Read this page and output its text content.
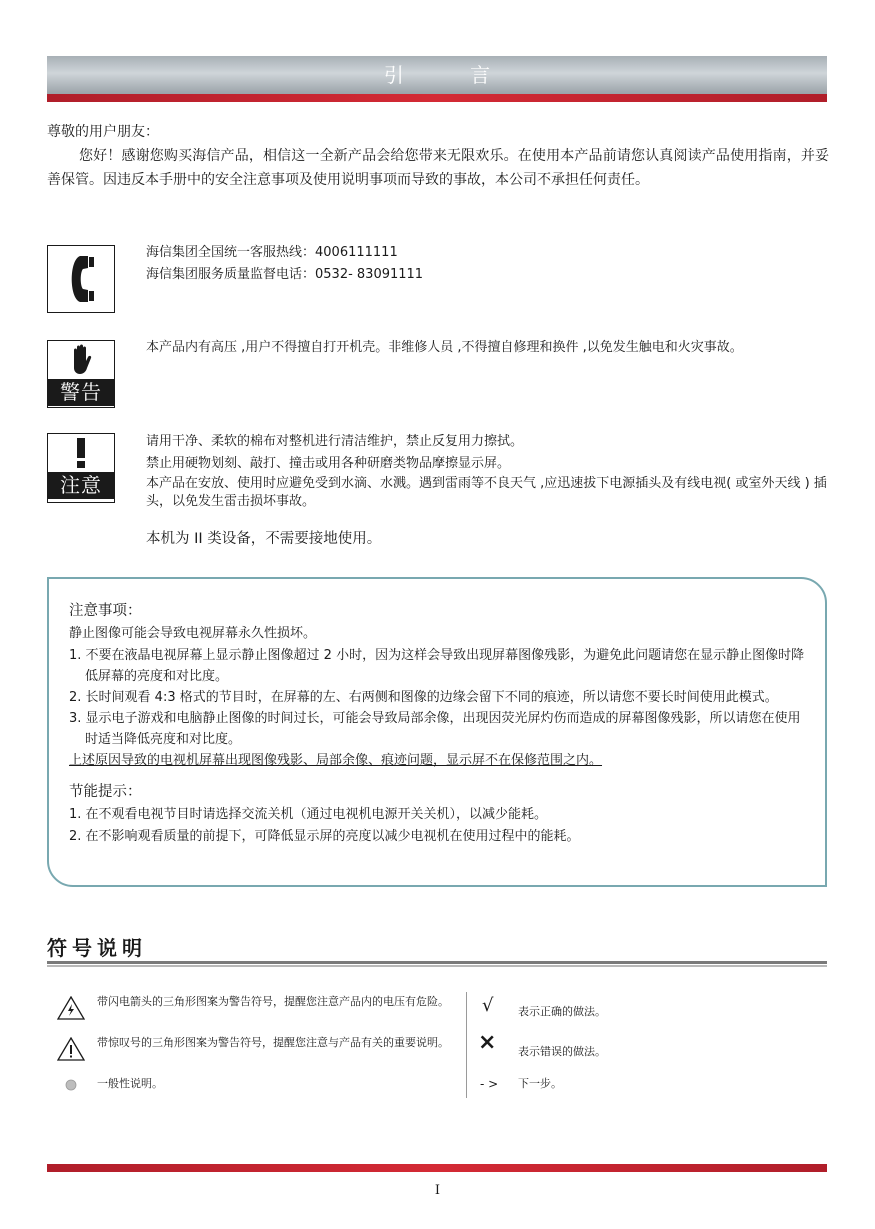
引 言

尊敬的用户朋友：

您好！感谢您购买海信产品，相信这一全新产品会给您带来无限欢乐。在使用本产品前请您认真阅读产品使用指南，并妥善保管。因违反本手册中的安全注意事项及使用说明事项而导致的事故，本公司不承担任何责任。

海信集团全国统一客服热线：4006111111

海信集团服务质量监督电话：0532- 83091111

警告
本产品内有高压 ,用户不得擅自打开机壳。非维修人员 ,不得擅自修理和换件 ,以免发生触电和火灾事故。
注意

请用干净、柔软的棉布对整机进行清洁维护，禁止反复用力擦拭。

禁止用硬物划刻、敲打、撞击或用各种研磨类物品摩擦显示屏。

本产品在安放、使用时应避免受到水滴、水溅。遇到雷雨等不良天气 ,应迅速拔下电源插头及有线电视( 或室外天线 ) 插头，以免发生雷击损坏事故。

本机为 II 类设备，不需要接地使用。

注意事项：

静止图像可能会导致电视屏幕永久性损坏。

1. 不要在液晶电视屏幕上显示静止图像超过 2 小时，因为这样会导致出现屏幕图像残影，为避免此问题请您在显示静止图像时降低屏幕的亮度和对比度。

2. 长时间观看 4:3 格式的节目时，在屏幕的左、右两侧和图像的边缘会留下不同的痕迹，所以请您不要长时间使用此模式。

3. 显示电子游戏和电脑静止图像的时间过长，可能会导致局部余像，出现因荧光屏灼伤而造成的屏幕图像残影，所以请您在使用时适当降低亮度和对比度。

上述原因导致的电视机屏幕出现图像残影、局部余像、痕迹问题，显示屏不在保修范围之内。

节能提示：

1. 在不观看电视节目时请选择交流关机（通过电视机电源开关关机），以减少能耗。

2. 在不影响观看质量的前提下，可降低显示屏的亮度以减少电视机在使用过程中的能耗。

符号说明
带闪电箭头的三角形图案为警告符号，提醒您注意产品内的电压有危险。
带惊叹号的三角形图案为警告符号，提醒您注意与产品有关的重要说明。
一般性说明。
√ 表示正确的做法。
× 表示错误的做法。
- > 下一步。
I
